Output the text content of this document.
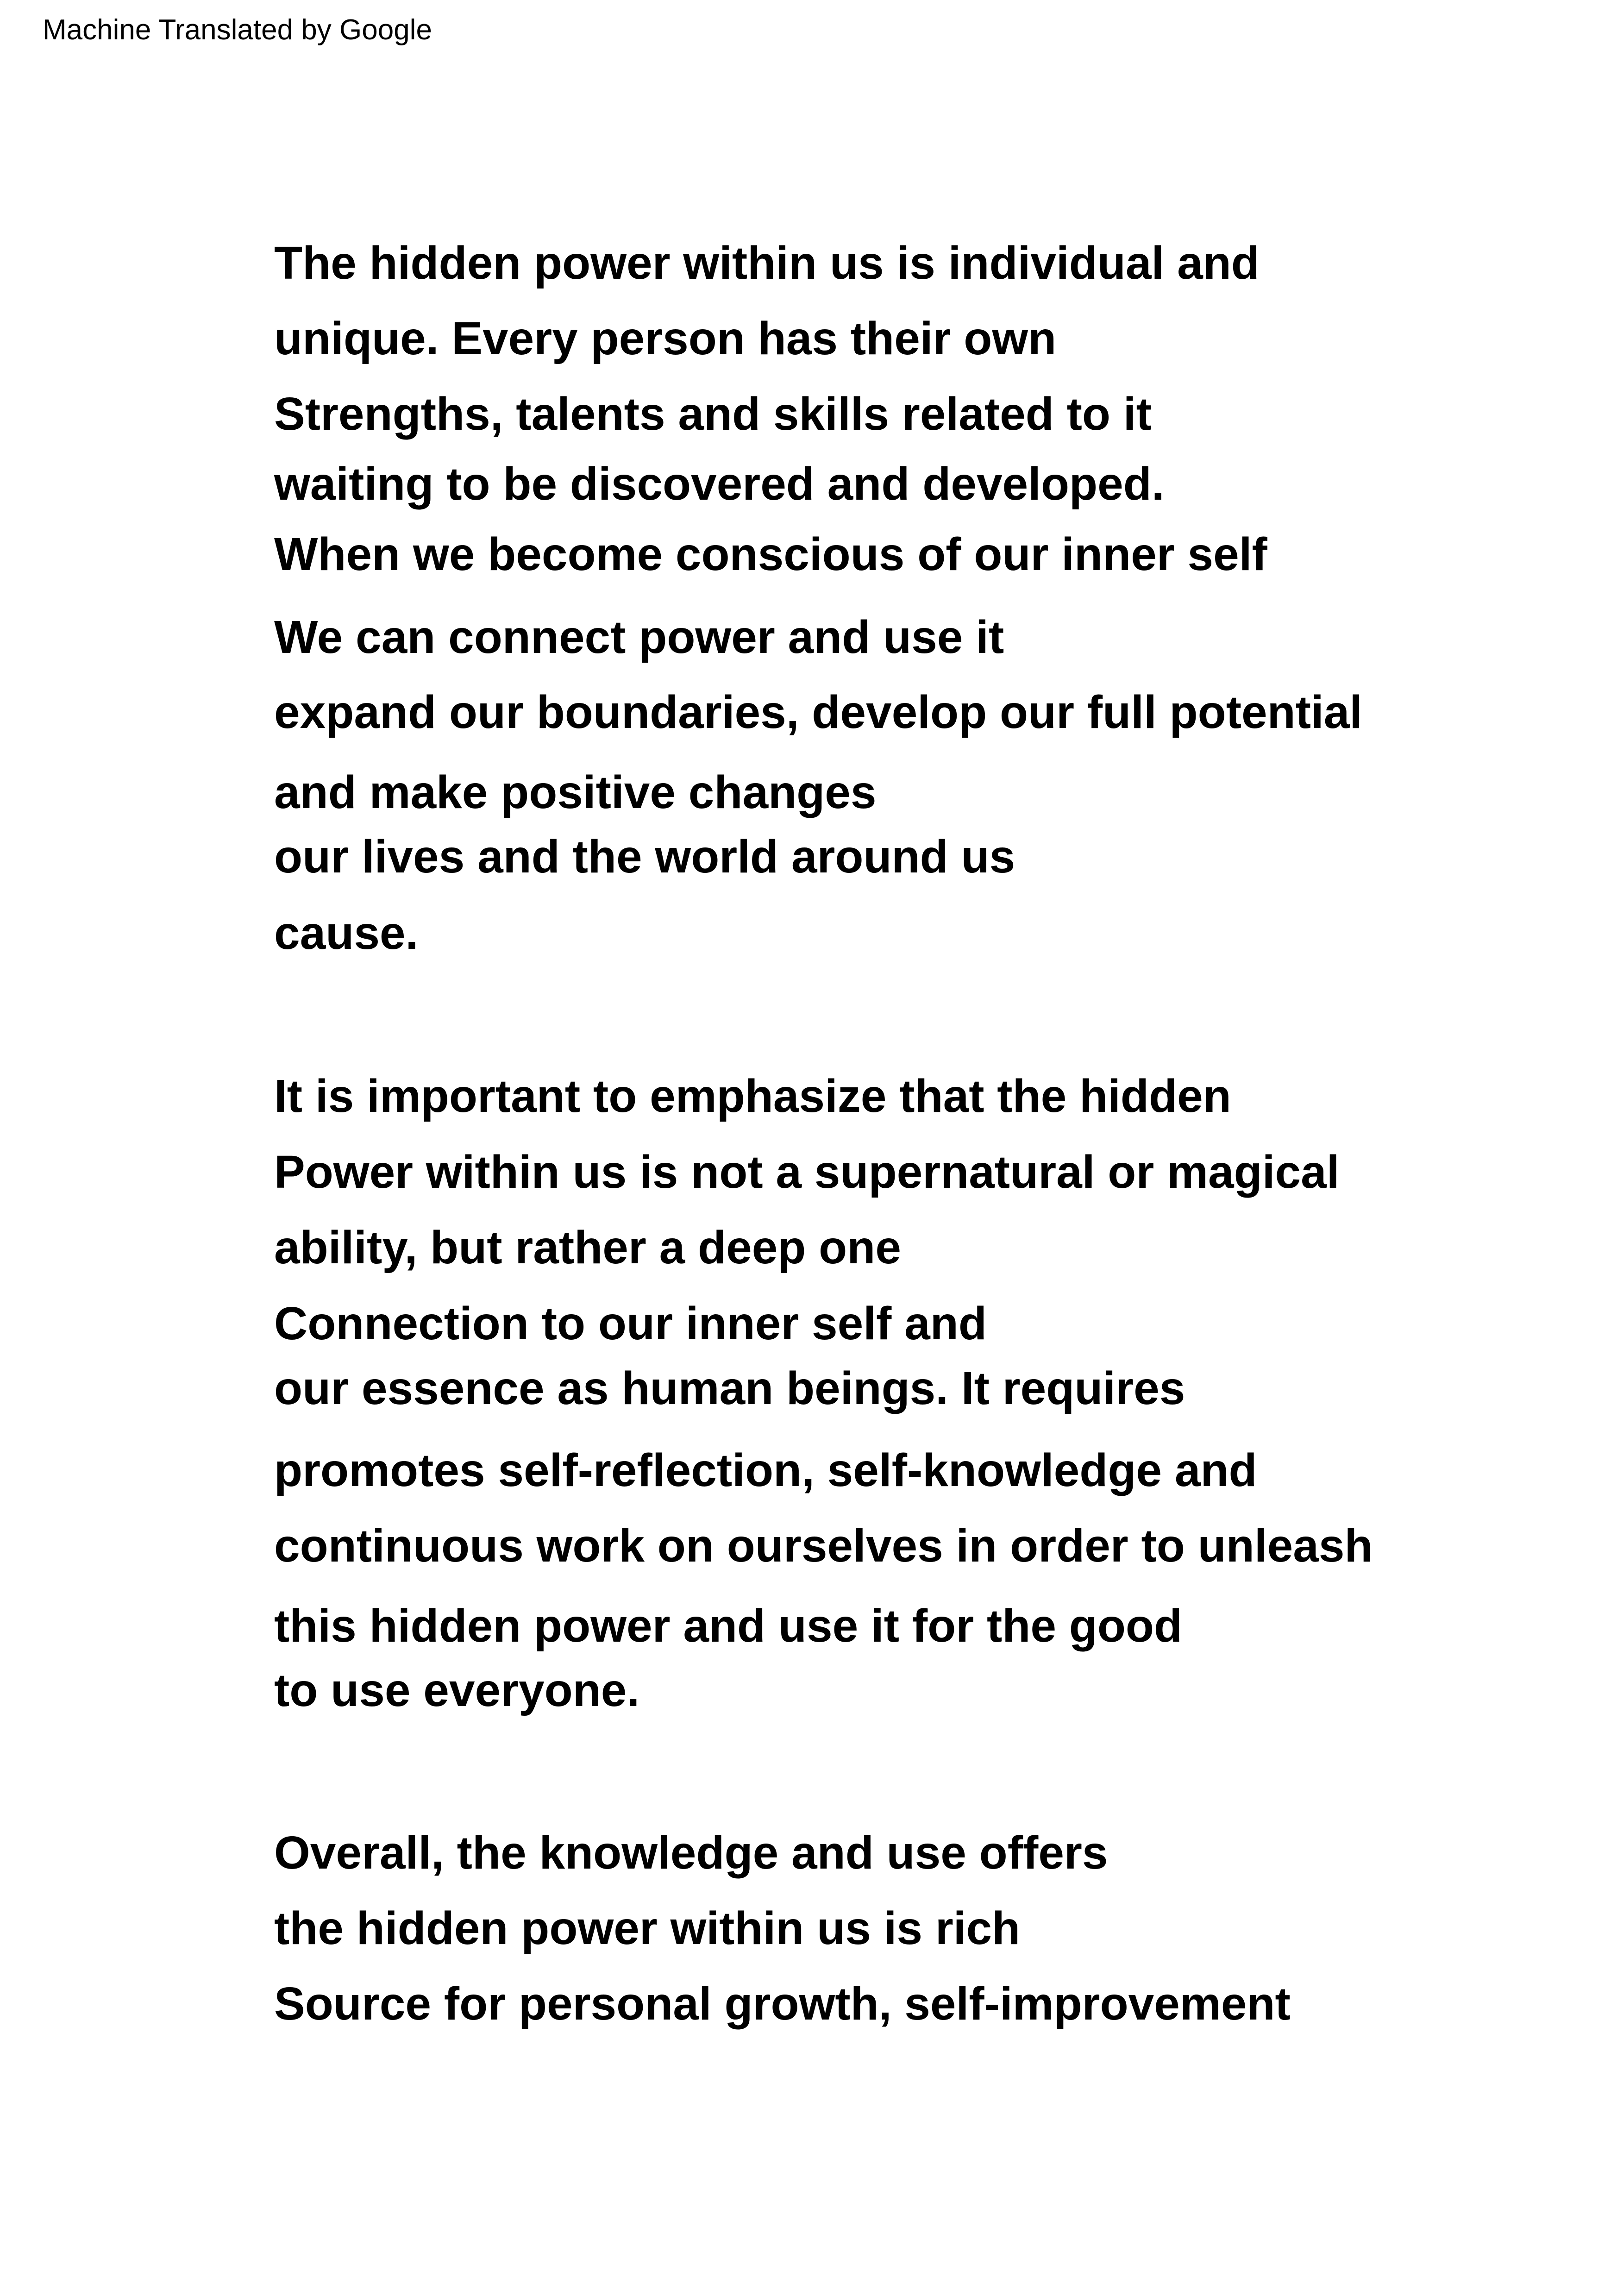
Machine Translated by Google
The hidden power within us is individual and
unique. Every person has their own
Strengths, talents and skills related to it
waiting to be discovered and developed.
When we become conscious of our inner self
We can connect power and use it
expand our boundaries, develop our full potential
and make positive changes
our lives and the world around us
cause.
It is important to emphasize that the hidden
Power within us is not a supernatural or magical
ability, but rather a deep one
Connection to our inner self and
our essence as human beings. It requires
promotes self-reflection, self-knowledge and
continuous work on ourselves in order to unleash
this hidden power and use it for the good
to use everyone.
Overall, the knowledge and use offers
the hidden power within us is rich
Source for personal growth, self-improvement
